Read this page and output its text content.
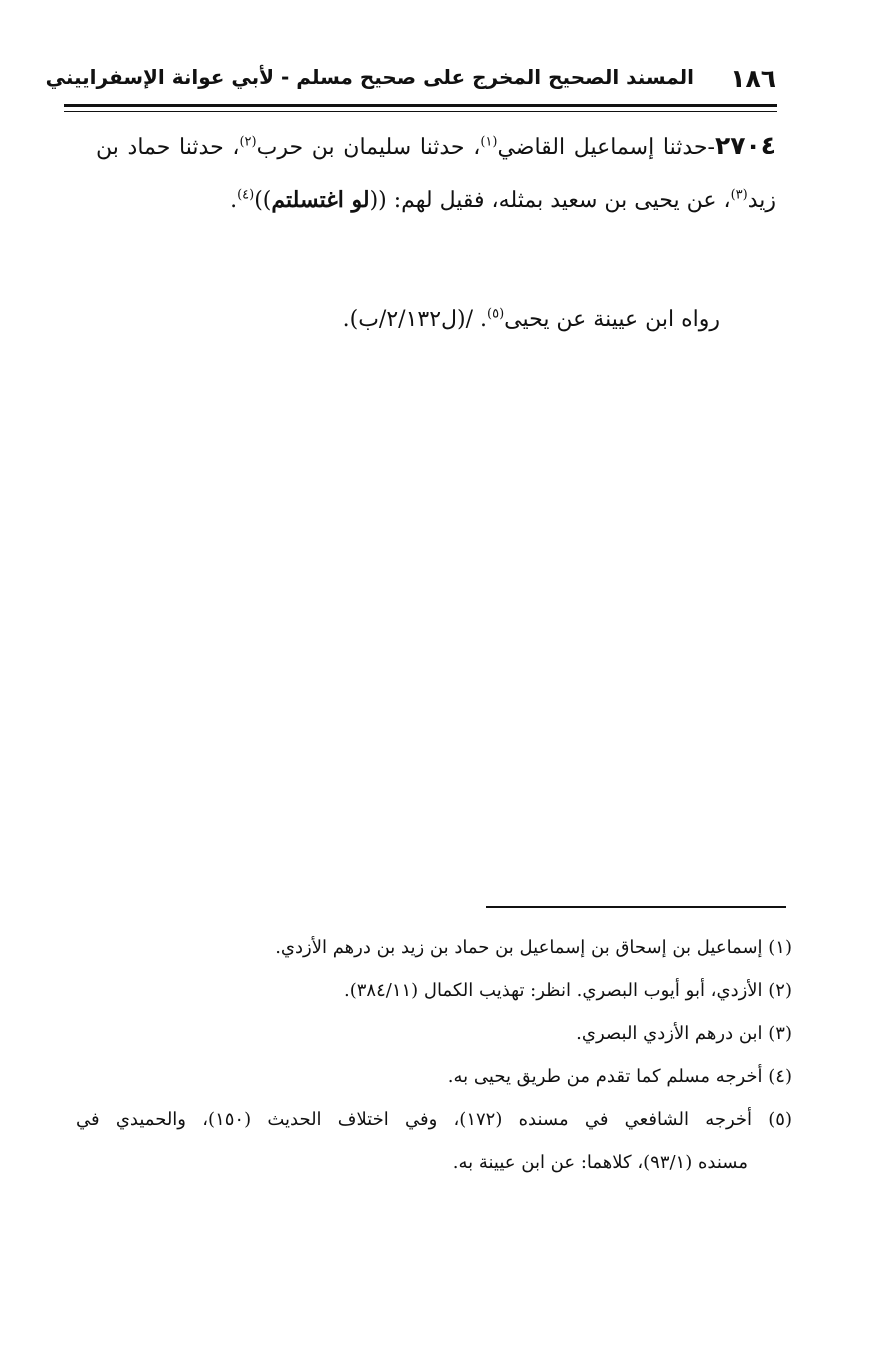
١٨٦
المسند الصحيح المخرج على صحيح مسلم - لأبي عوانة الإسفراييني
٢٧٠٤-حدثنا إسماعيل القاضي$^{(١)}$، حدثنا سليمان بن حرب$^{(٢)}$، حدثنا حماد بن زيد$^{(٣)}$، عن يحيى بن سعيد بمثله، فقيل لهم: ((لو اغتسلتم))$^{(٤)}$.
رواه ابن عيينة عن يحيى$^{(٥)}$. /(ل٢/١٣٢/ب).
(١) إسماعيل بن إسحاق بن إسماعيل بن حماد بن زيد بن درهم الأزدي.
(٢) الأزدي، أبو أيوب البصري. انظر: تهذيب الكمال (٣٨٤/١١).
(٣) ابن درهم الأزدي البصري.
(٤) أخرجه مسلم كما تقدم من طريق يحيى به.
(٥) أخرجه الشافعي في مسنده (١٧٢)، وفي اختلاف الحديث (١٥٠)، والحميدي في
مسنده (٩٣/١)، كلاهما: عن ابن عيينة به.
